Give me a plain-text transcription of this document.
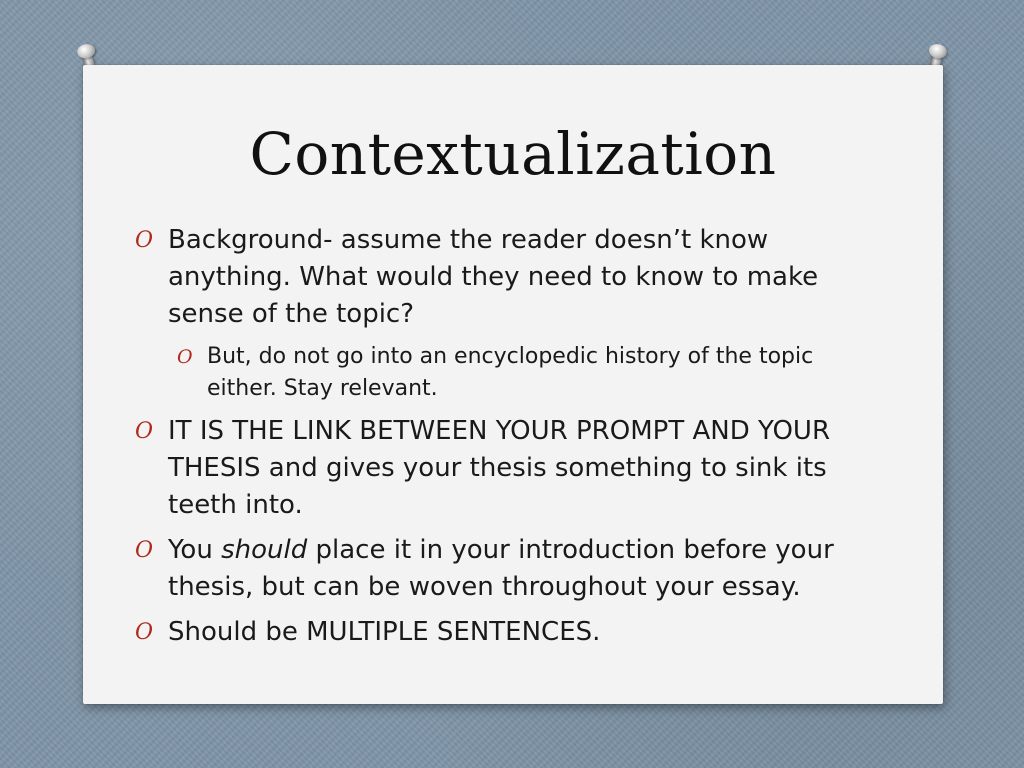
Contextualization
O Background- assume the reader doesn’t know anything. What would they need to know to make sense of the topic?
O But, do not go into an encyclopedic history of the topic either. Stay relevant.
O IT IS THE LINK BETWEEN YOUR PROMPT AND YOUR THESIS and gives your thesis something to sink its teeth into.
O You should place it in your introduction before your thesis, but can be woven throughout your essay.
O Should be MULTIPLE SENTENCES.
